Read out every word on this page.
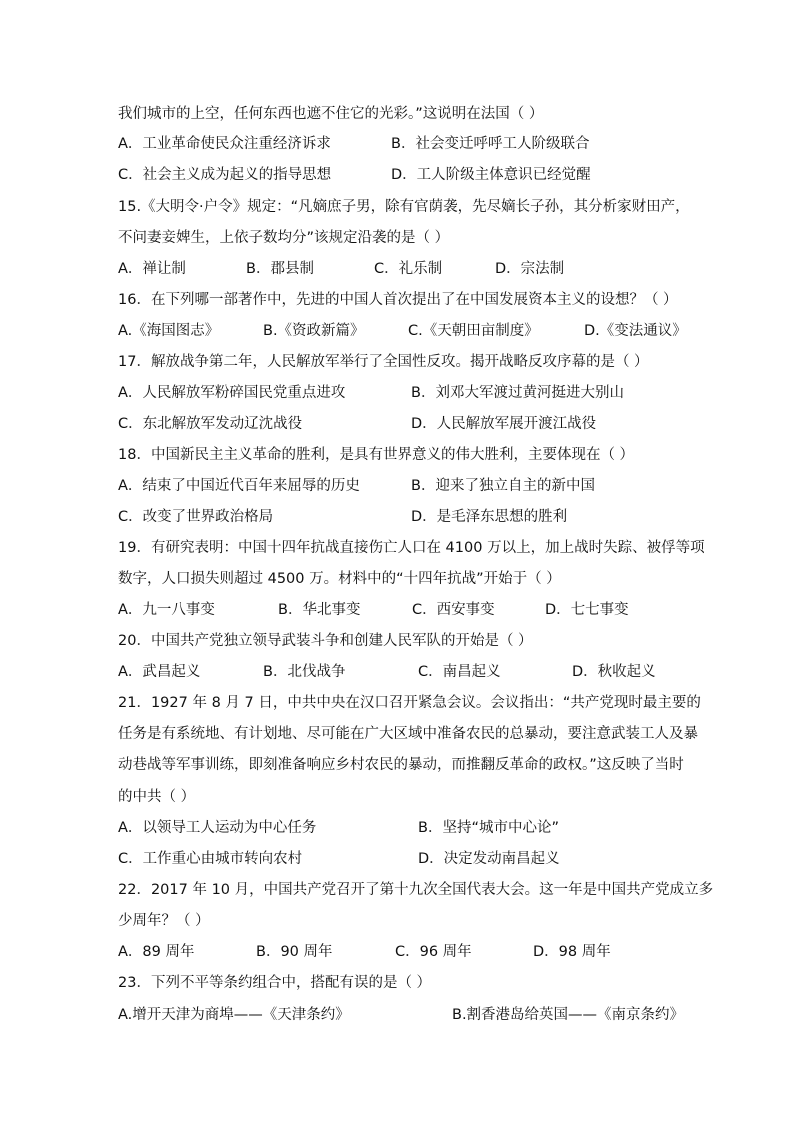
我们城市的上空，任何东西也遮不住它的光彩。”这说明在法国（ ）
A．工业革命使民众注重经济诉求	B．社会变迁呼呼工人阶级联合
C．社会主义成为起义的指导思想	D．工人阶级主体意识已经觉醒
15.《大明令·户令》规定：“凡嫡庶子男，除有官荫袭，先尽嫡长子孙，其分析家财田产，
不问妻妾婢生，上依子数均分”该规定沿袭的是（ ）
A．禅让制	B．郡县制	C．礼乐制	D．宗法制
16．在下列哪一部著作中，先进的中国人首次提出了在中国发展资本主义的设想？（ ）
A.《海国图志》	B.《资政新篇》	C.《天朝田亩制度》	D.《变法通议》
17．解放战争第二年，人民解放军举行了全国性反攻。揭开战略反攻序幕的是（ ）
A．人民解放军粉碎国民党重点进攻	B．刘邓大军渡过黄河挺进大别山
C．东北解放军发动辽沈战役	D．人民解放军展开渡江战役
18．中国新民主主义革命的胜利，是具有世界意义的伟大胜利，主要体现在（ ）
A．结束了中国近代百年来屈辱的历史	B．迎来了独立自主的新中国
C．改变了世界政治格局	D．是毛泽东思想的胜利
19．有研究表明：中国十四年抗战直接伤亡人口在 4100 万以上，加上战时失踪、被俘等项
数字，人口损失则超过 4500 万。材料中的“十四年抗战”开始于（ ）
A．九一八事变	B．华北事变	C．西安事变	D．七七事变
20．中国共产党独立领导武装斗争和创建人民军队的开始是（ ）
A．武昌起义	B．北伐战争	C．南昌起义	D．秋收起义
21．1927 年 8 月 7 日，中共中央在汉口召开紧急会议。会议指出：“共产党现时最主要的
任务是有系统地、有计划地、尽可能在广大区域中准备农民的总暴动，要注意武装工人及暴
动巷战等军事训练，即刻准备响应乡村农民的暴动，而推翻反革命的政权。”这反映了当时
的中共（ ）
A．以领导工人运动为中心任务	B．坚持“城市中心论”
C．工作重心由城市转向农村	D．决定发动南昌起义
22．2017 年 10 月，中国共产党召开了第十九次全国代表大会。这一年是中国共产党成立多
少周年？（ ）
A．89 周年	B．90 周年	C．96 周年	D．98 周年
23．下列不平等条约组合中，搭配有误的是（ ）
A.增开天津为商埠——《天津条约》	B.割香港岛给英国——《南京条约》
